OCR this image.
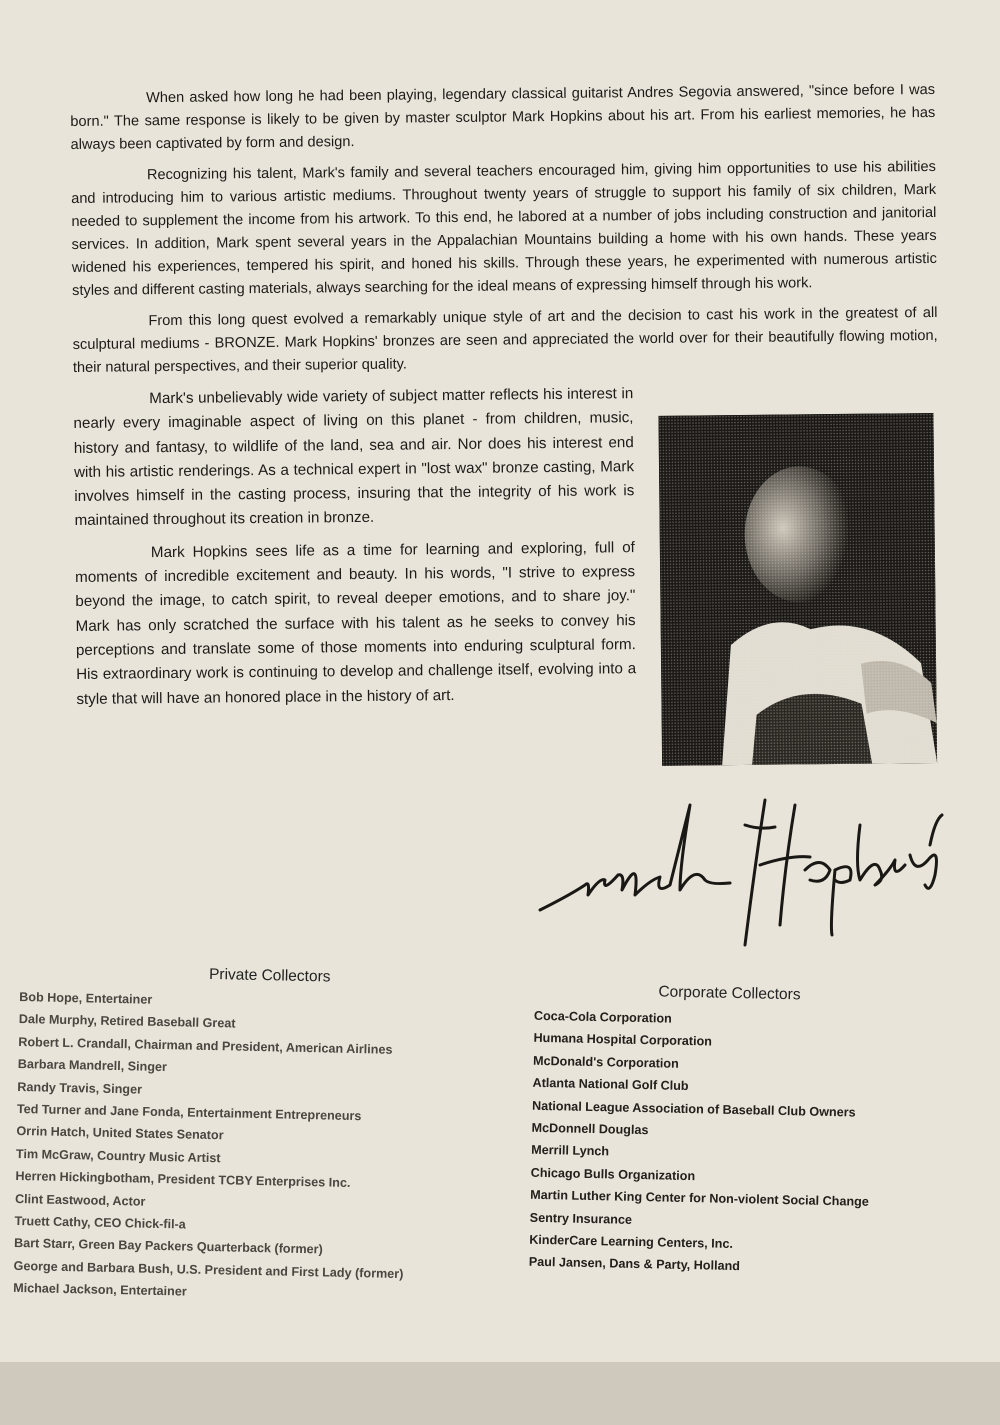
When asked how long he had been playing, legendary classical guitarist Andres Segovia answered, "since before I was born." The same response is likely to be given by master sculptor Mark Hopkins about his art. From his earliest memories, he has always been captivated by form and design.

Recognizing his talent, Mark's family and several teachers encouraged him, giving him opportunities to use his abilities and introducing him to various artistic mediums. Throughout twenty years of struggle to support his family of six children, Mark needed to supplement the income from his artwork. To this end, he labored at a number of jobs including construction and janitorial services. In addition, Mark spent several years in the Appalachian Mountains building a home with his own hands. These years widened his experiences, tempered his spirit, and honed his skills. Through these years, he experimented with numerous artistic styles and different casting materials, always searching for the ideal means of expressing himself through his work.

From this long quest evolved a remarkably unique style of art and the decision to cast his work in the greatest of all sculptural mediums - BRONZE. Mark Hopkins' bronzes are seen and appreciated the world over for their beautifully flowing motion, their natural perspectives, and their superior quality.

Mark's unbelievably wide variety of subject matter reflects his interest in nearly every imaginable aspect of living on this planet - from children, music, history and fantasy, to wildlife of the land, sea and air. Nor does his interest end with his artistic renderings. As a technical expert in "lost wax" bronze casting, Mark involves himself in the casting process, insuring that the integrity of his work is maintained throughout its creation in bronze.

Mark Hopkins sees life as a time for learning and exploring, full of moments of incredible excitement and beauty. In his words, "I strive to express beyond the image, to catch spirit, to reveal deeper emotions, and to share joy." Mark has only scratched the surface with his talent as he seeks to convey his perceptions and translate some of those moments into enduring sculptural form. His extraordinary work is continuing to develop and challenge itself, evolving into a style that will have an honored place in the history of art.

Private Collectors
Bob Hope, Entertainer
Dale Murphy, Retired Baseball Great
Robert L. Crandall, Chairman and President, American Airlines
Barbara Mandrell, Singer
Randy Travis, Singer
Ted Turner and Jane Fonda, Entertainment Entrepreneurs
Orrin Hatch, United States Senator
Tim McGraw, Country Music Artist
Herren Hickingbotham, President TCBY Enterprises Inc.
Clint Eastwood, Actor
Truett Cathy, CEO Chick-fil-a
Bart Starr, Green Bay Packers Quarterback (former)
George and Barbara Bush, U.S. President and First Lady (former)
Michael Jackson, Entertainer
Corporate Collectors
Coca-Cola Corporation
Humana Hospital Corporation
McDonald's Corporation
Atlanta National Golf Club
National League Association of Baseball Club Owners
McDonnell Douglas
Merrill Lynch
Chicago Bulls Organization
Martin Luther King Center for Non-violent Social Change
Sentry Insurance
KinderCare Learning Centers, Inc.
Paul Jansen, Dans & Party, Holland
